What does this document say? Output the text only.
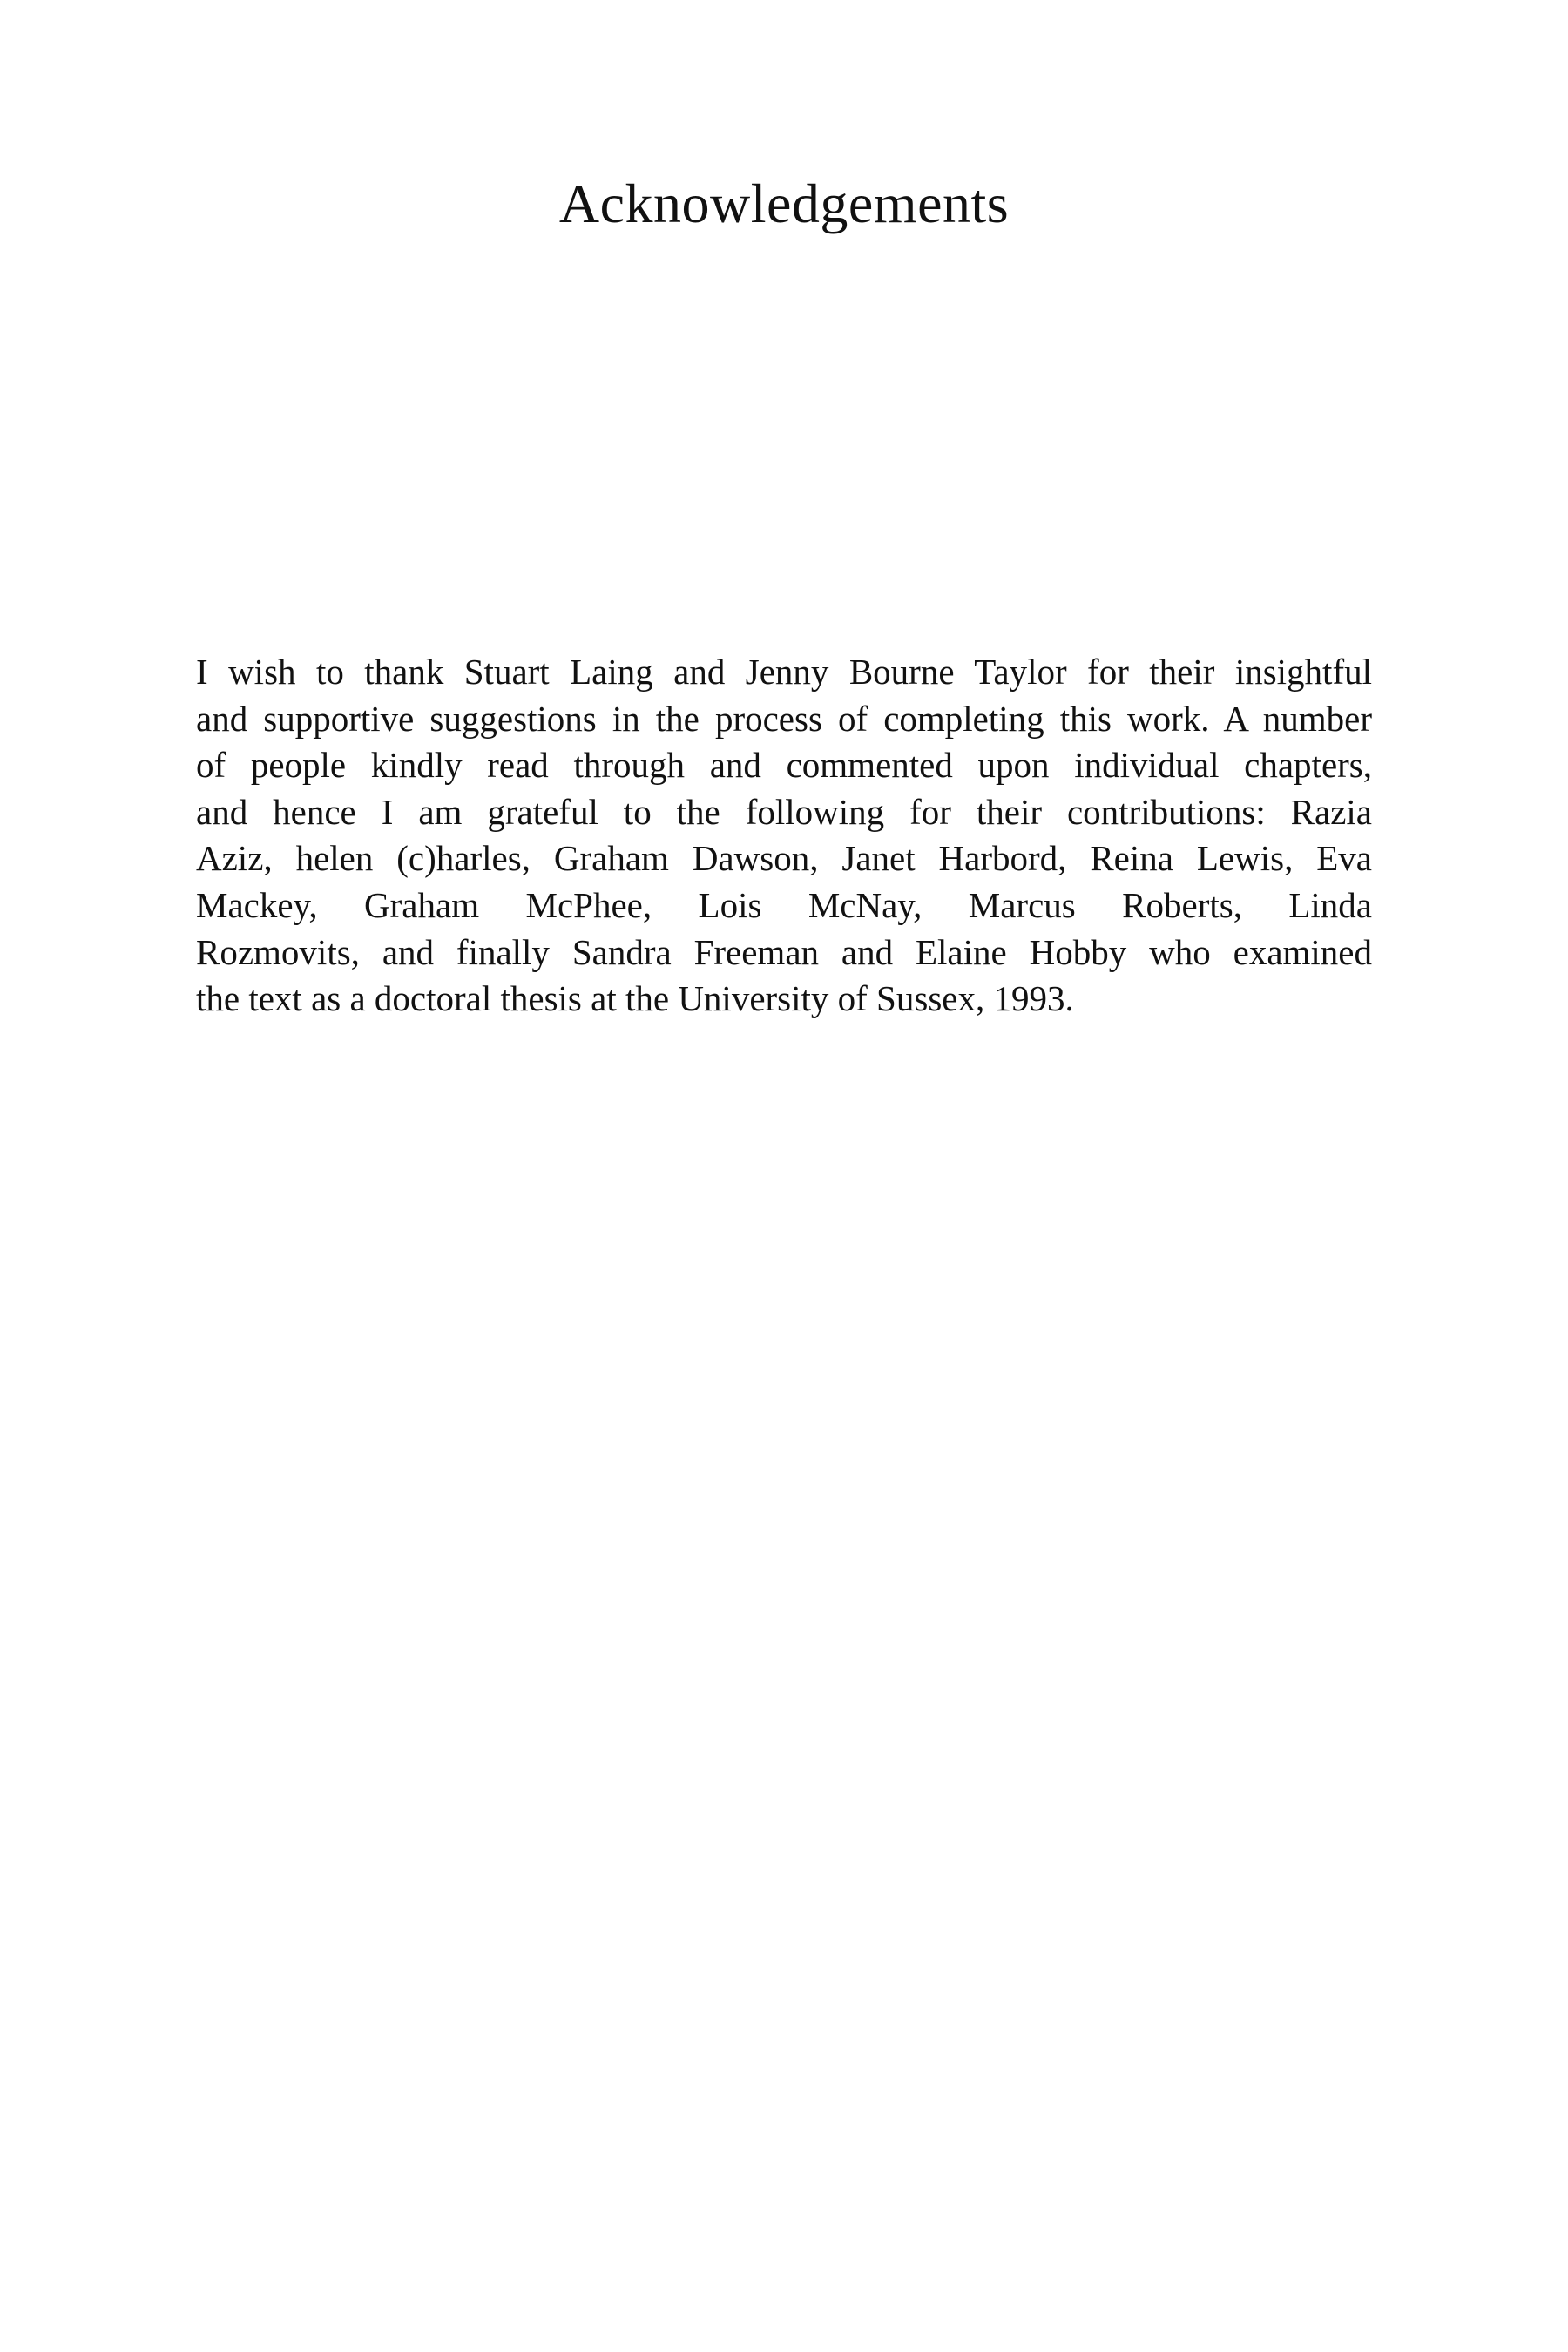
Acknowledgements

I wish to thank Stuart Laing and Jenny Bourne Taylor for their insightful
and supportive suggestions in the process of completing this work. A number
of people kindly read through and commented upon individual chapters,
and hence I am grateful to the following for their contributions: Razia
Aziz, helen (c)harles, Graham Dawson, Janet Harbord, Reina Lewis, Eva
Mackey, Graham McPhee, Lois McNay, Marcus Roberts, Linda
Rozmovits, and finally Sandra Freeman and Elaine Hobby who examined
the text as a doctoral thesis at the University of Sussex, 1993.
